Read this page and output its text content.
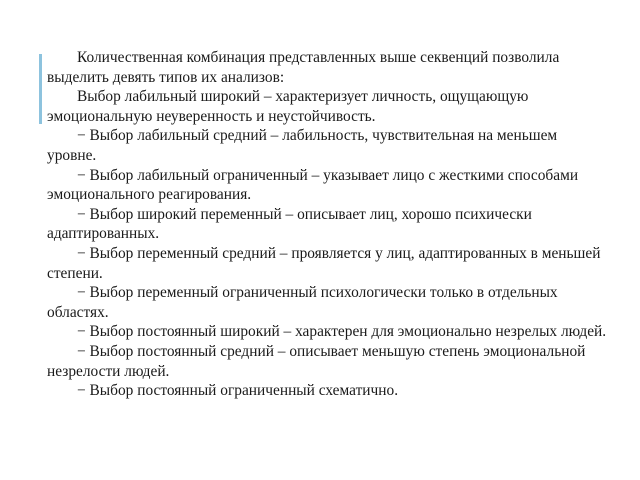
Количественная комбинация представленных выше секвенций позволила выделить девять типов их анализов:

Выбор лабильный широкий – характеризует личность, ощущающую эмоциональную неуверенность и неустойчивость.

− Выбор лабильный средний – лабильность, чувствительная на меньшем уровне.

− Выбор лабильный ограниченный – указывает лицо с жесткими способами эмоционального реагирования.

− Выбор широкий переменный – описывает лиц, хорошо психически адаптированных.

− Выбор переменный средний – проявляется у лиц, адаптированных в меньшей степени.

− Выбор переменный ограниченный психологически только в отдельных областях.

− Выбор постоянный широкий – характерен для эмоционально незрелых людей.

− Выбор постоянный средний – описывает меньшую степень эмоциональной незрелости людей.

− Выбор постоянный ограниченный схематично.
